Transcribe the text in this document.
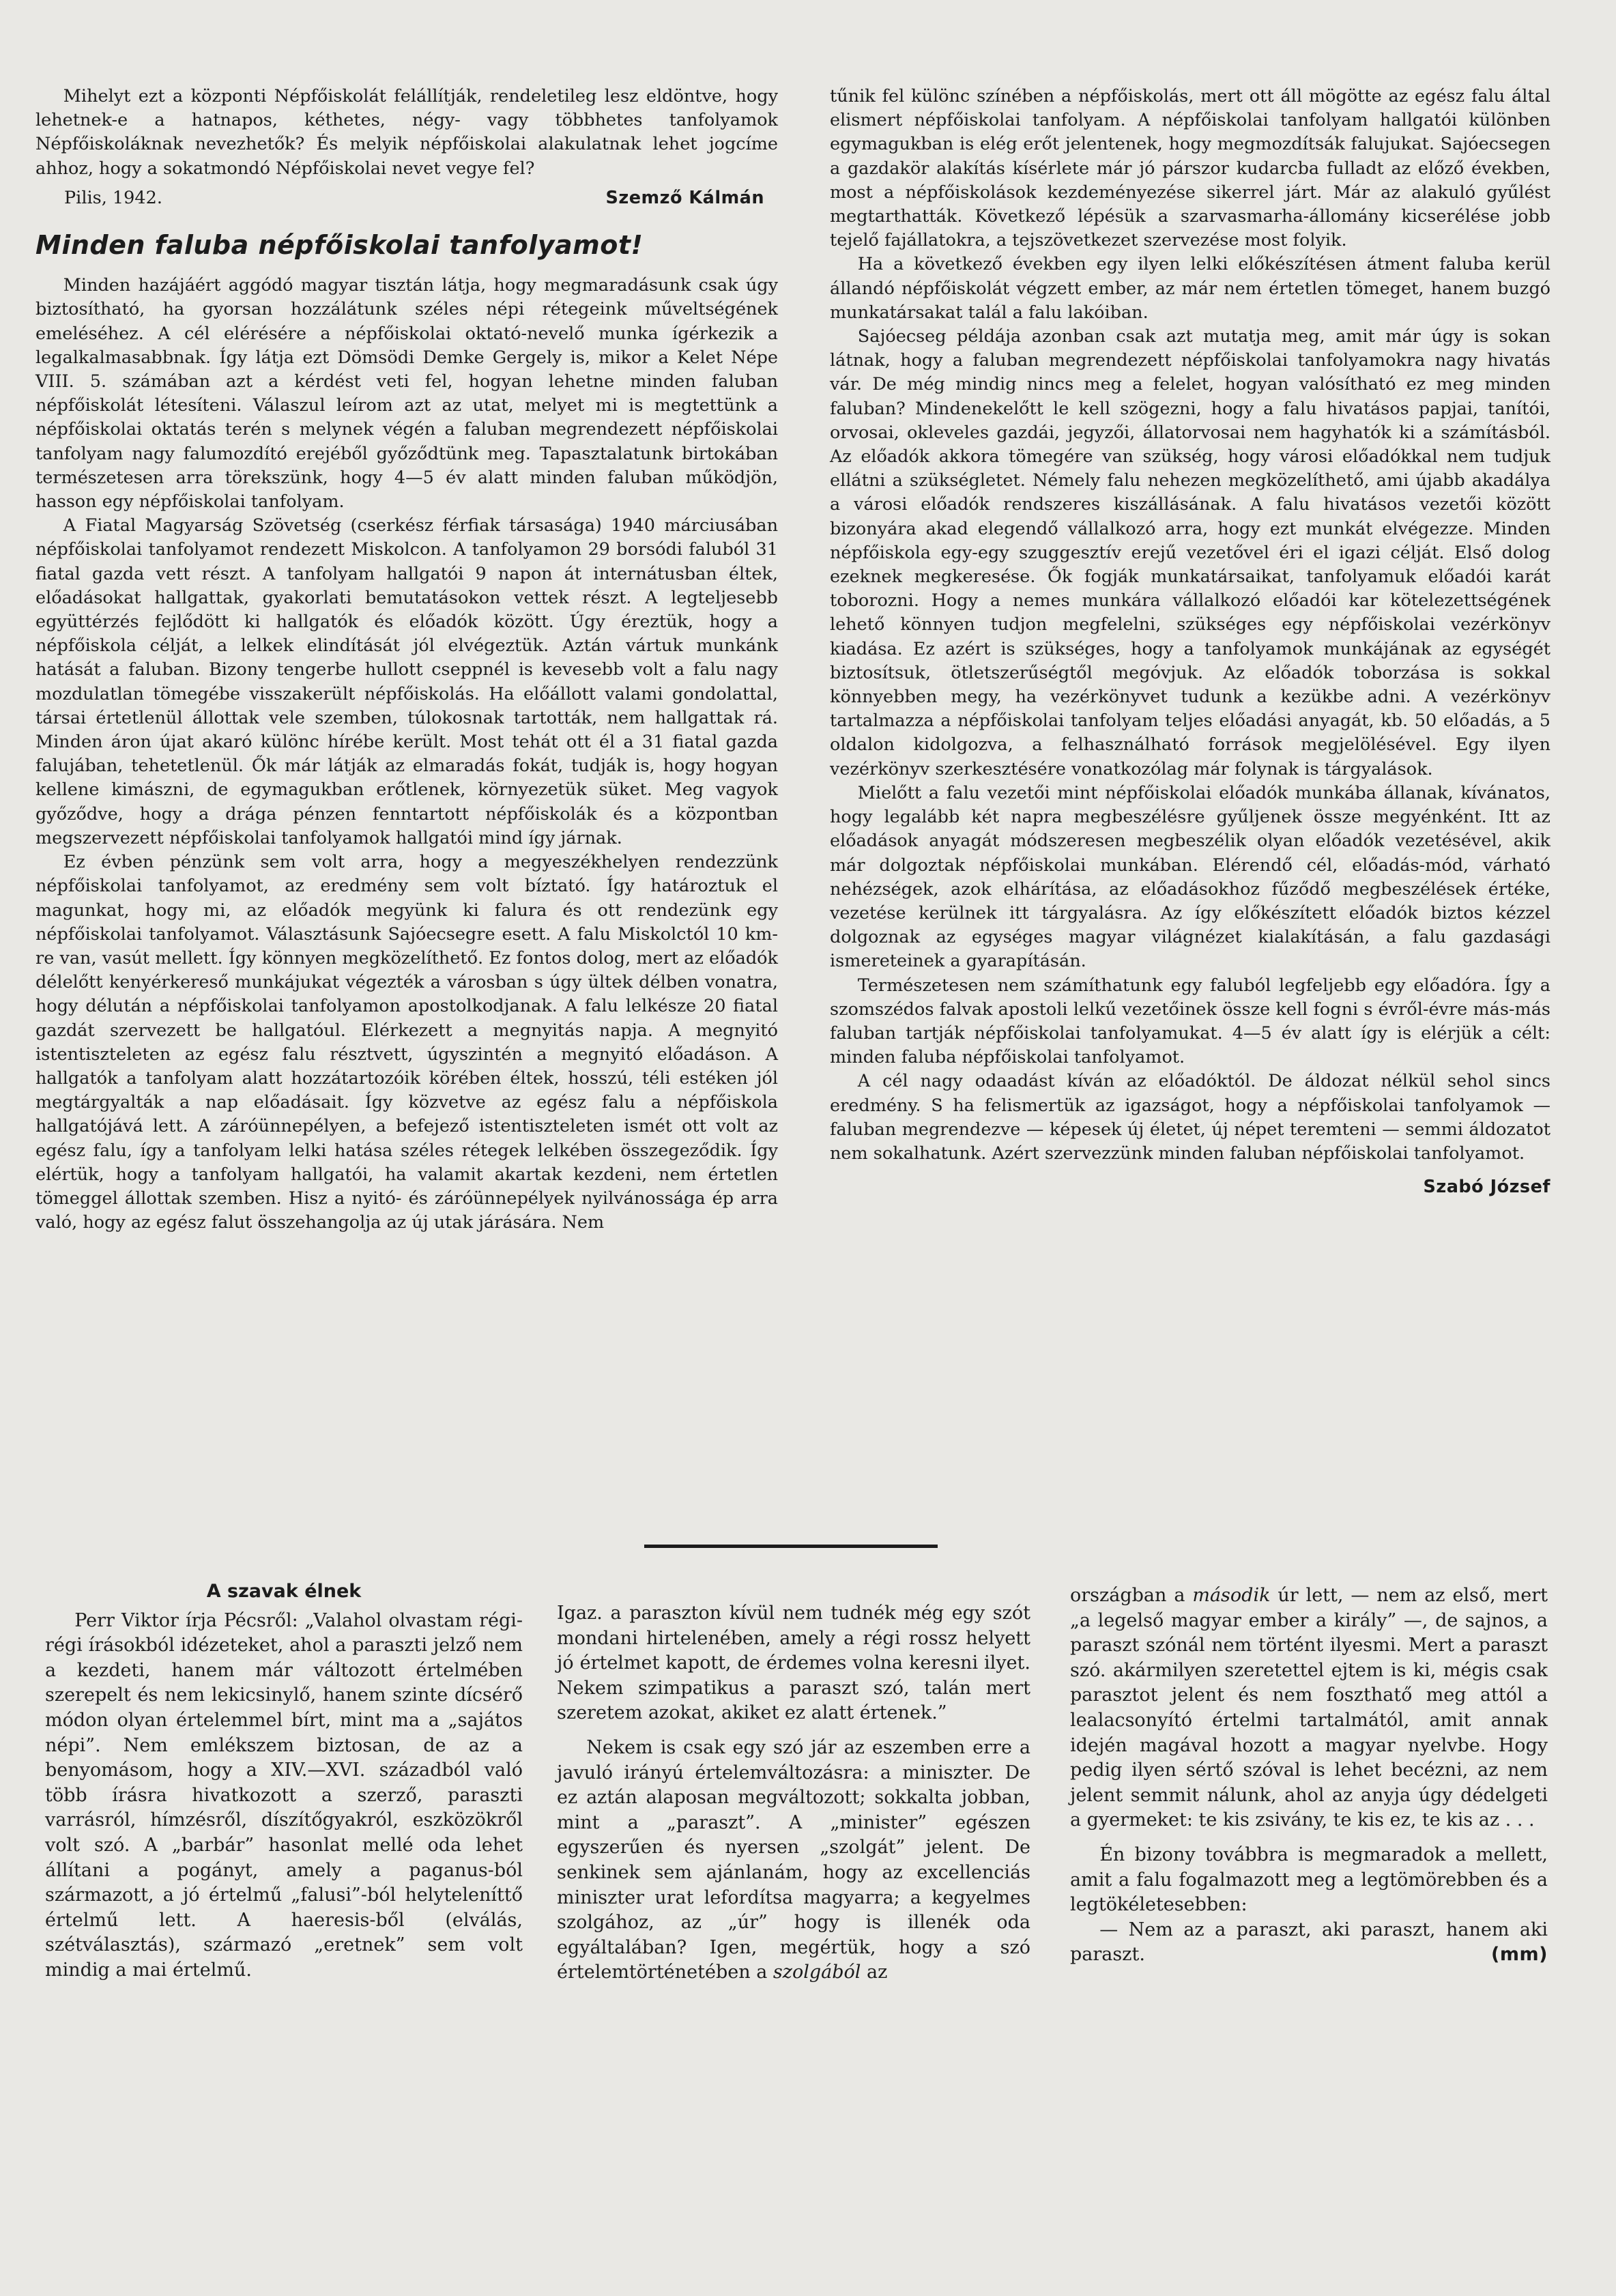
Mihelyt ezt a központi Népfőiskolát felállítják, rendeletileg lesz eldöntve, hogy lehetnek-e a hatnapos, kéthetes, négy- vagy többhetes tanfolyamok Népfőiskoláknak nevezhetők? És melyik népfőiskolai alakulatnak lehet jogcíme ahhoz, hogy a sokatmondó Népfőiskolai nevet vegye fel?

Pilis, 1942.	Szemző Kálmán
Minden faluba népfőiskolai tanfolyamot!

Minden hazájáért aggódó magyar tisztán látja, hogy megmaradásunk csak úgy biztosítható, ha gyorsan hozzálátunk széles népi rétegeink műveltségének emeléséhez. A cél elérésére a népfőiskolai oktató-nevelő munka ígérkezik a legalkalmasabbnak. Így látja ezt Dömsödi Demke Gergely is, mikor a Kelet Népe VIII. 5. számában azt a kérdést veti fel, hogyan lehetne minden faluban népfőiskolát létesíteni. Válaszul leírom azt az utat, melyet mi is megtettünk a népfőiskolai oktatás terén s melynek végén a faluban megrendezett népfőiskolai tanfolyam nagy falumozdító erejéből győződtünk meg. Tapasztalatunk birtokában természetesen arra törekszünk, hogy 4—5 év alatt minden faluban működjön, hasson egy népfőiskolai tanfolyam.

A Fiatal Magyarság Szövetség (cserkész férfiak társasága) 1940 márciusában népfőiskolai tanfolyamot rendezett Miskolcon. A tanfolyamon 29 borsódi faluból 31 fiatal gazda vett részt. A tanfolyam hallgatói 9 napon át internátusban éltek, előadásokat hallgattak, gyakorlati bemutatásokon vettek részt. A legteljesebb együttérzés fejlődött ki hallgatók és előadók között. Úgy éreztük, hogy a népfőiskola célját, a lelkek elindítását jól elvégeztük. Aztán vártuk munkánk hatását a faluban. Bizony tengerbe hullott cseppnél is kevesebb volt a falu nagy mozdulatlan tömegébe visszakerült népfőiskolás. Ha előállott valami gondolattal, társai értetlenül állottak vele szemben, túlokosnak tartották, nem hallgattak rá. Minden áron újat akaró különc hírébe került. Most tehát ott él a 31 fiatal gazda falujában, tehetetlenül. Ők már látják az elmaradás fokát, tudják is, hogy hogyan kellene kimászni, de egymagukban erőtlenek, környezetük süket. Meg vagyok győződve, hogy a drága pénzen fenntartott népfőiskolák és a központban megszervezett népfőiskolai tanfolyamok hallgatói mind így járnak.

Ez évben pénzünk sem volt arra, hogy a megyeszékhelyen rendezzünk népfőiskolai tanfolyamot, az eredmény sem volt bíztató. Így határoztuk el magunkat, hogy mi, az előadók megyünk ki falura és ott rendezünk egy népfőiskolai tanfolyamot. Választásunk Sajóecsegre esett. A falu Miskolctól 10 km-re van, vasút mellett. Így könnyen megközelíthető. Ez fontos dolog, mert az előadók délelőtt kenyérkereső munkájukat végezték a városban s úgy ültek délben vonatra, hogy délután a népfőiskolai tanfolyamon apostolkodjanak. A falu lelkésze 20 fiatal gazdát szervezett be hallgatóul. Elérkezett a megnyitás napja. A megnyitó istentiszteleten az egész falu résztvett, úgyszintén a megnyitó előadáson. A hallgatók a tanfolyam alatt hozzátartozóik körében éltek, hosszú, téli estéken jól megtárgyalták a nap előadásait. Így közvetve az egész falu a népfőiskola hallgatójává lett. A záróünnepélyen, a befejező istentiszteleten ismét ott volt az egész falu, így a tanfolyam lelki hatása széles rétegek lelkében összegeződik. Így elértük, hogy a tanfolyam hallgatói, ha valamit akartak kezdeni, nem értetlen tömeggel állottak szemben. Hisz a nyitó- és záróünnepélyek nyilvánossága ép arra való, hogy az egész falut összehangolja az új utak járására. Nem

tűnik fel különc színében a népfőiskolás, mert ott áll mögötte az egész falu által elismert népfőiskolai tanfolyam. A népfőiskolai tanfolyam hallgatói különben egymagukban is elég erőt jelentenek, hogy megmozdítsák falujukat. Sajóecsegen a gazdakör alakítás kísérlete már jó párszor kudarcba fulladt az előző években, most a népfőiskolások kezdeményezése sikerrel járt. Már az alakuló gyűlést megtarthatták. Következő lépésük a szarvasmarha-állomány kicserélése jobb tejelő fajállatokra, a tejszövetkezet szervezése most folyik.

Ha a következő években egy ilyen lelki előkészítésen átment faluba kerül állandó népfőiskolát végzett ember, az már nem értetlen tömeget, hanem buzgó munkatársakat talál a falu lakóiban.

Sajóecseg példája azonban csak azt mutatja meg, amit már úgy is sokan látnak, hogy a faluban megrendezett népfőiskolai tanfolyamokra nagy hivatás vár. De még mindig nincs meg a felelet, hogyan valósítható ez meg minden faluban? Mindenekelőtt le kell szögezni, hogy a falu hivatásos papjai, tanítói, orvosai, okleveles gazdái, jegyzői, állatorvosai nem hagyhatók ki a számításból. Az előadók akkora tömegére van szükség, hogy városi előadókkal nem tudjuk ellátni a szükségletet. Némely falu nehezen megközelíthető, ami újabb akadálya a városi előadók rendszeres kiszállásának. A falu hivatásos vezetői között bizonyára akad elegendő vállalkozó arra, hogy ezt munkát elvégezze. Minden népfőiskola egy-egy szuggesztív erejű vezetővel éri el igazi célját. Első dolog ezeknek megkeresése. Ők fogják munkatársaikat, tanfolyamuk előadói karát toborozni. Hogy a nemes munkára vállalkozó előadói kar kötelezettségének lehető könnyen tudjon megfelelni, szükséges egy népfőiskolai vezérkönyv kiadása. Ez azért is szükséges, hogy a tanfolyamok munkájának az egységét biztosítsuk, ötletszerűségtől megóvjuk. Az előadók toborzása is sokkal könnyebben megy, ha vezérkönyvet tudunk a kezükbe adni. A vezérkönyv tartalmazza a népfőiskolai tanfolyam teljes előadási anyagát, kb. 50 előadás, a 5 oldalon kidolgozva, a felhasználható források megjelölésével. Egy ilyen vezérkönyv szerkesztésére vonatkozólag már folynak is tárgyalások.

Mielőtt a falu vezetői mint népfőiskolai előadók munkába állanak, kívánatos, hogy legalább két napra megbeszélésre gyűljenek össze megyénként. Itt az előadások anyagát módszeresen megbeszélik olyan előadók vezetésével, akik már dolgoztak népfőiskolai munkában. Elérendő cél, előadás-mód, várható nehézségek, azok elhárítása, az előadásokhoz fűződő megbeszélések értéke, vezetése kerülnek itt tárgyalásra. Az így előkészített előadók biztos kézzel dolgoznak az egységes magyar világnézet kialakításán, a falu gazdasági ismereteinek a gyarapításán.

Természetesen nem számíthatunk egy faluból legfeljebb egy előadóra. Így a szomszédos falvak apostoli lelkű vezetőinek össze kell fogni s évről-évre más-más faluban tartják népfőiskolai tanfolyamukat. 4—5 év alatt így is elérjük a célt: minden faluba népfőiskolai tanfolyamot.

A cél nagy odaadást kíván az előadóktól. De áldozat nélkül sehol sincs eredmény. S ha felismertük az igazságot, hogy a népfőiskolai tanfolyamok — faluban megrendezve — képesek új életet, új népet teremteni — semmi áldozatot nem sokalhatunk. Azért szervezzünk minden faluban népfőiskolai tanfolyamot.

Szabó József
A szavak élnek

Perr Viktor írja Pécsről: „Valahol olvastam régi-régi írásokból idézeteket, ahol a paraszti jelző nem a kezdeti, hanem már változott értelmében szerepelt és nem lekicsinylő, hanem szinte dícsérő módon olyan értelemmel bírt, mint ma a „sajátos népi”. Nem emlékszem biztosan, de az a benyomásom, hogy a XIV.—XVI. századból való több írásra hivatkozott a szerző, paraszti varrásról, hímzésről, díszítőgyakról, eszközökről volt szó. A „barbár” hasonlat mellé oda lehet állítani a pogányt, amely a paganus-ból származott, a jó értelmű „falusi”-ból helyteleníttő értelmű lett. A haeresis-ből (elválás, szétválasztás), származó „eretnek” sem volt mindig a mai értelmű.

Igaz. a paraszton kívül nem tudnék még egy szót mondani hirtelenében, amely a régi rossz helyett jó értelmet kapott, de érdemes volna keresni ilyet. Nekem szimpatikus a paraszt szó, talán mert szeretem azokat, akiket ez alatt értenek.”

Nekem is csak egy szó jár az eszemben erre a javuló irányú értelemváltozásra: a miniszter. De ez aztán alaposan megváltozott; sokkalta jobban, mint a „paraszt”. A „minister” egészen egyszerűen és nyersen „szolgát” jelent. De senkinek sem ajánlanám, hogy az excellenciás miniszter urat lefordítsa magyarra; a kegyelmes szolgához, az „úr” hogy is illenék oda egyáltalában? Igen, megértük, hogy a szó értelemtörténetében a szolgából az

országban a második úr lett, — nem az első, mert „a legelső magyar ember a király” —, de sajnos, a paraszt szónál nem történt ilyesmi. Mert a paraszt szó. akármilyen szeretettel ejtem is ki, mégis csak parasztot jelent és nem foszthatő meg attól a lealacsonyító értelmi tartalmától, amit annak idején magával hozott a magyar nyelvbe. Hogy pedig ilyen sértő szóval is lehet becézni, az nem jelent semmit nálunk, ahol az anyja úgy dédelgeti a gyermeket: te kis zsivány, te kis ez, te kis az . . .

Én bizony továbbra is megmaradok a mellett, amit a falu fogalmazott meg a legtömörebben és a legtökéletesebben:

— Nem az a paraszt, aki paraszt, hanem aki paraszt.	(mm)
